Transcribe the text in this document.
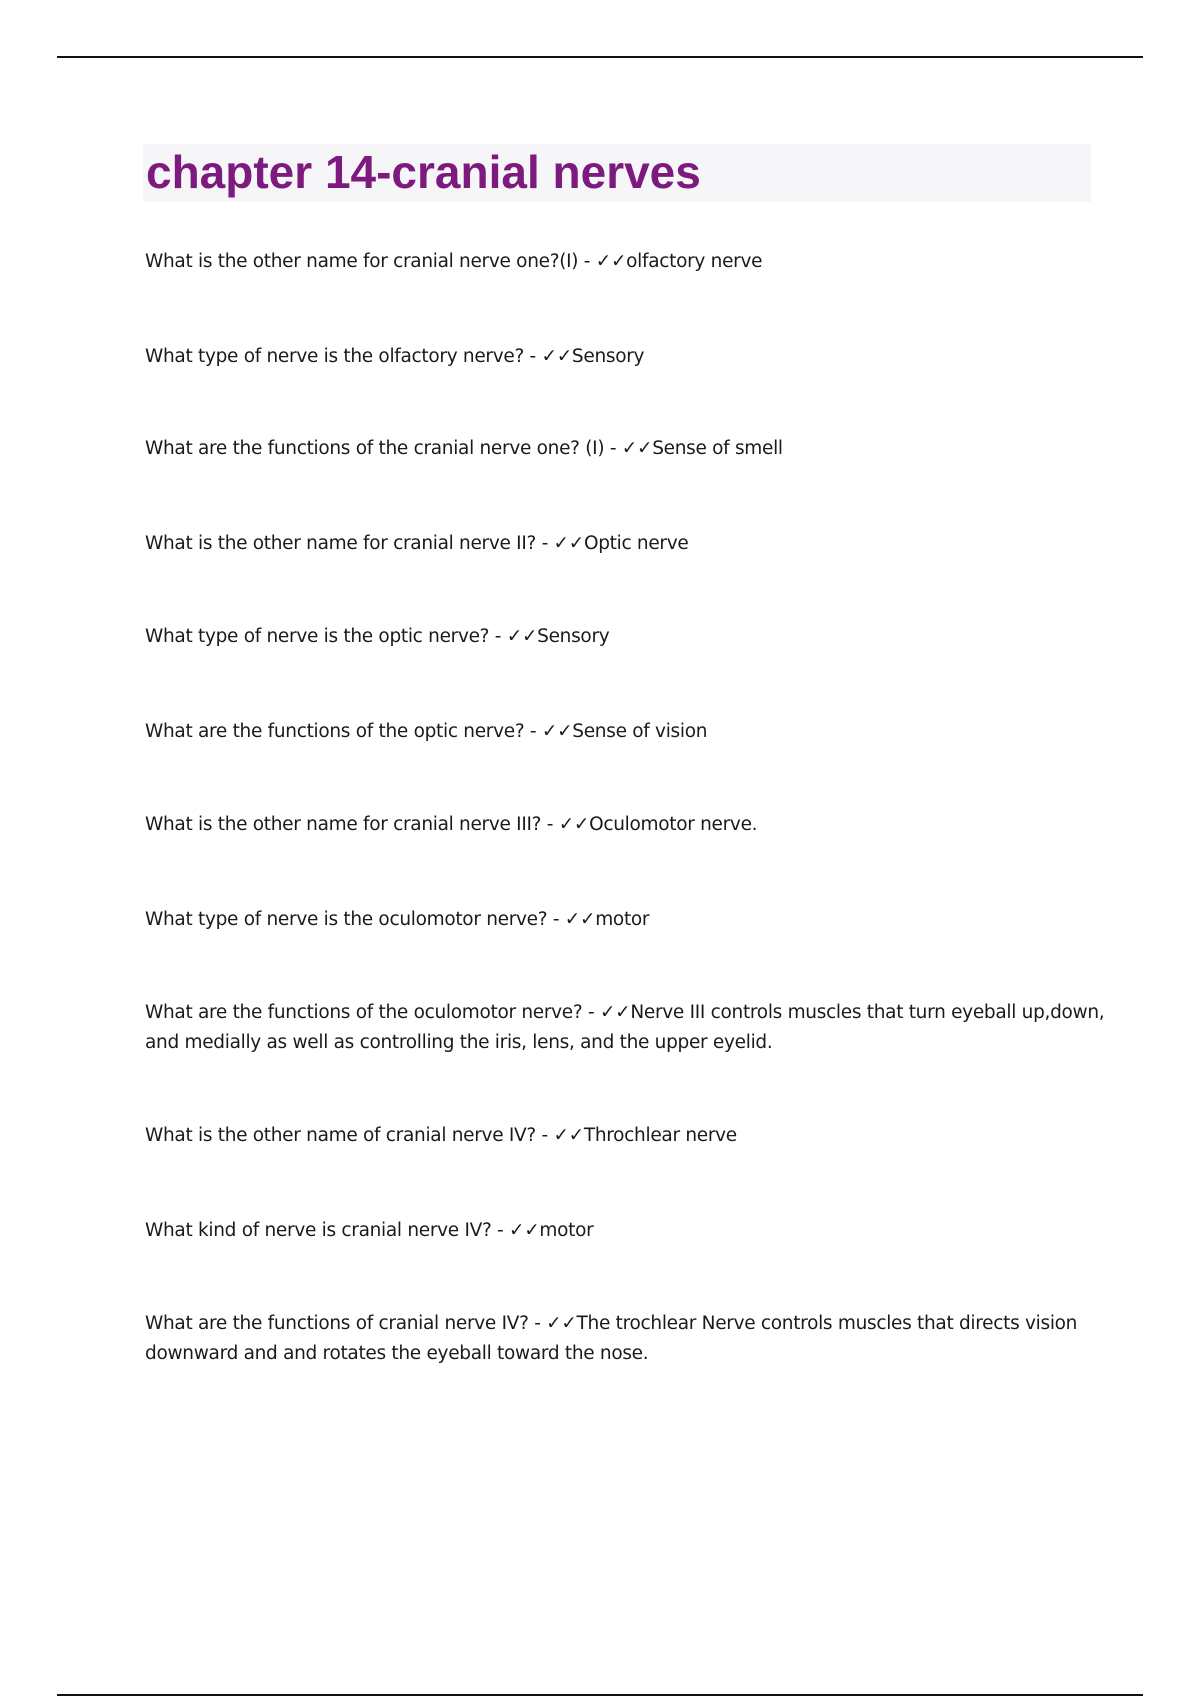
chapter 14-cranial nerves
What is the other name for cranial nerve one?(I) - ✓✓olfactory nerve
What type of nerve is the olfactory nerve? - ✓✓Sensory
What are the functions of the cranial nerve one? (I) - ✓✓Sense of smell
What is the other name for cranial nerve II? - ✓✓Optic nerve
What type of nerve is the optic nerve? - ✓✓Sensory
What are the functions of the optic nerve? - ✓✓Sense of vision
What is the other name for cranial nerve III? - ✓✓Oculomotor nerve.
What type of nerve is the oculomotor nerve? - ✓✓motor
What are the functions of the oculomotor nerve? - ✓✓Nerve III controls muscles that turn eyeball up,down, and medially as well as controlling the iris, lens, and the upper eyelid.
What is the other name of cranial nerve IV? - ✓✓Throchlear nerve
What kind of nerve is cranial nerve IV? - ✓✓motor
What are the functions of cranial nerve IV? - ✓✓The trochlear Nerve controls muscles that directs vision downward and and rotates the eyeball toward the nose.
